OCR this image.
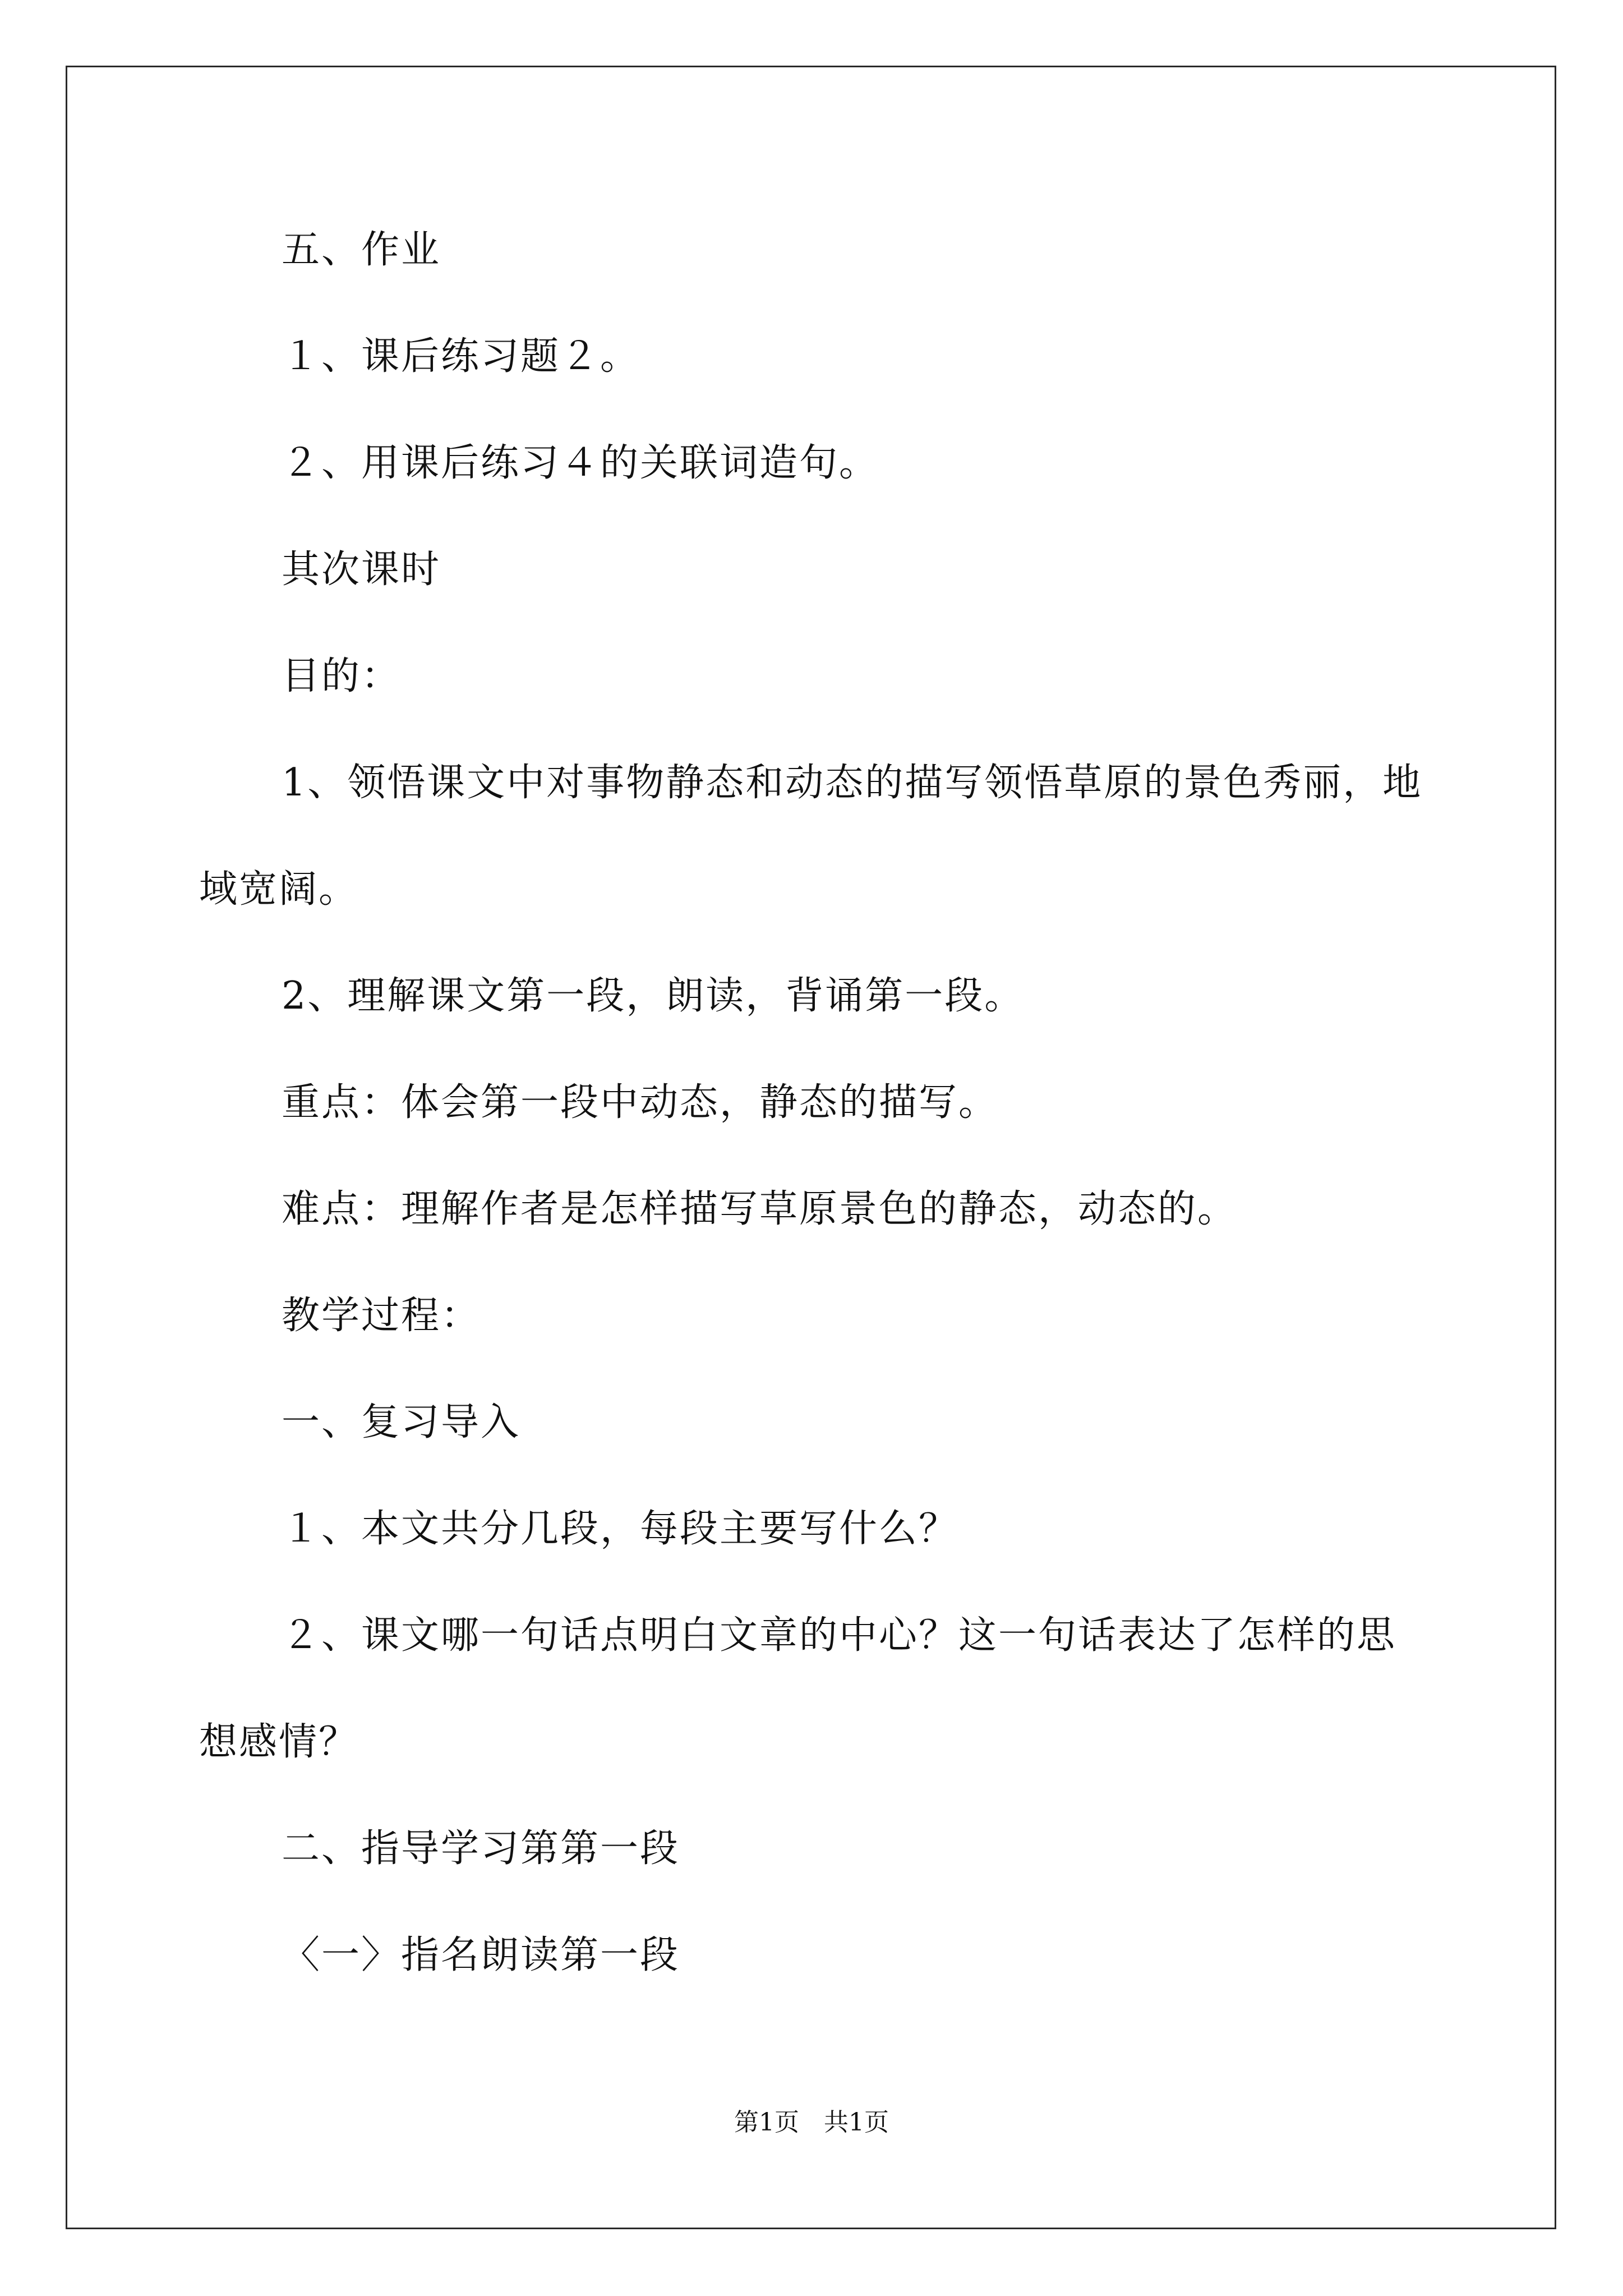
五、作业
１、课后练习题２。
２、用课后练习４的关联词造句。
其次课时
目的：
1、领悟课文中对事物静态和动态的描写领悟草原的景色秀丽，地
域宽阔。
2、理解课文第一段，朗读，背诵第一段。
重点：体会第一段中动态，静态的描写。
难点：理解作者是怎样描写草原景色的静态，动态的。
教学过程：
一、复习导入
１、本文共分几段，每段主要写什么？
２、课文哪一句话点明白文章的中心？这一句话表达了怎样的思
想感情？
二、指导学习第第一段
〈一〉指名朗读第一段
第1页　共1页
